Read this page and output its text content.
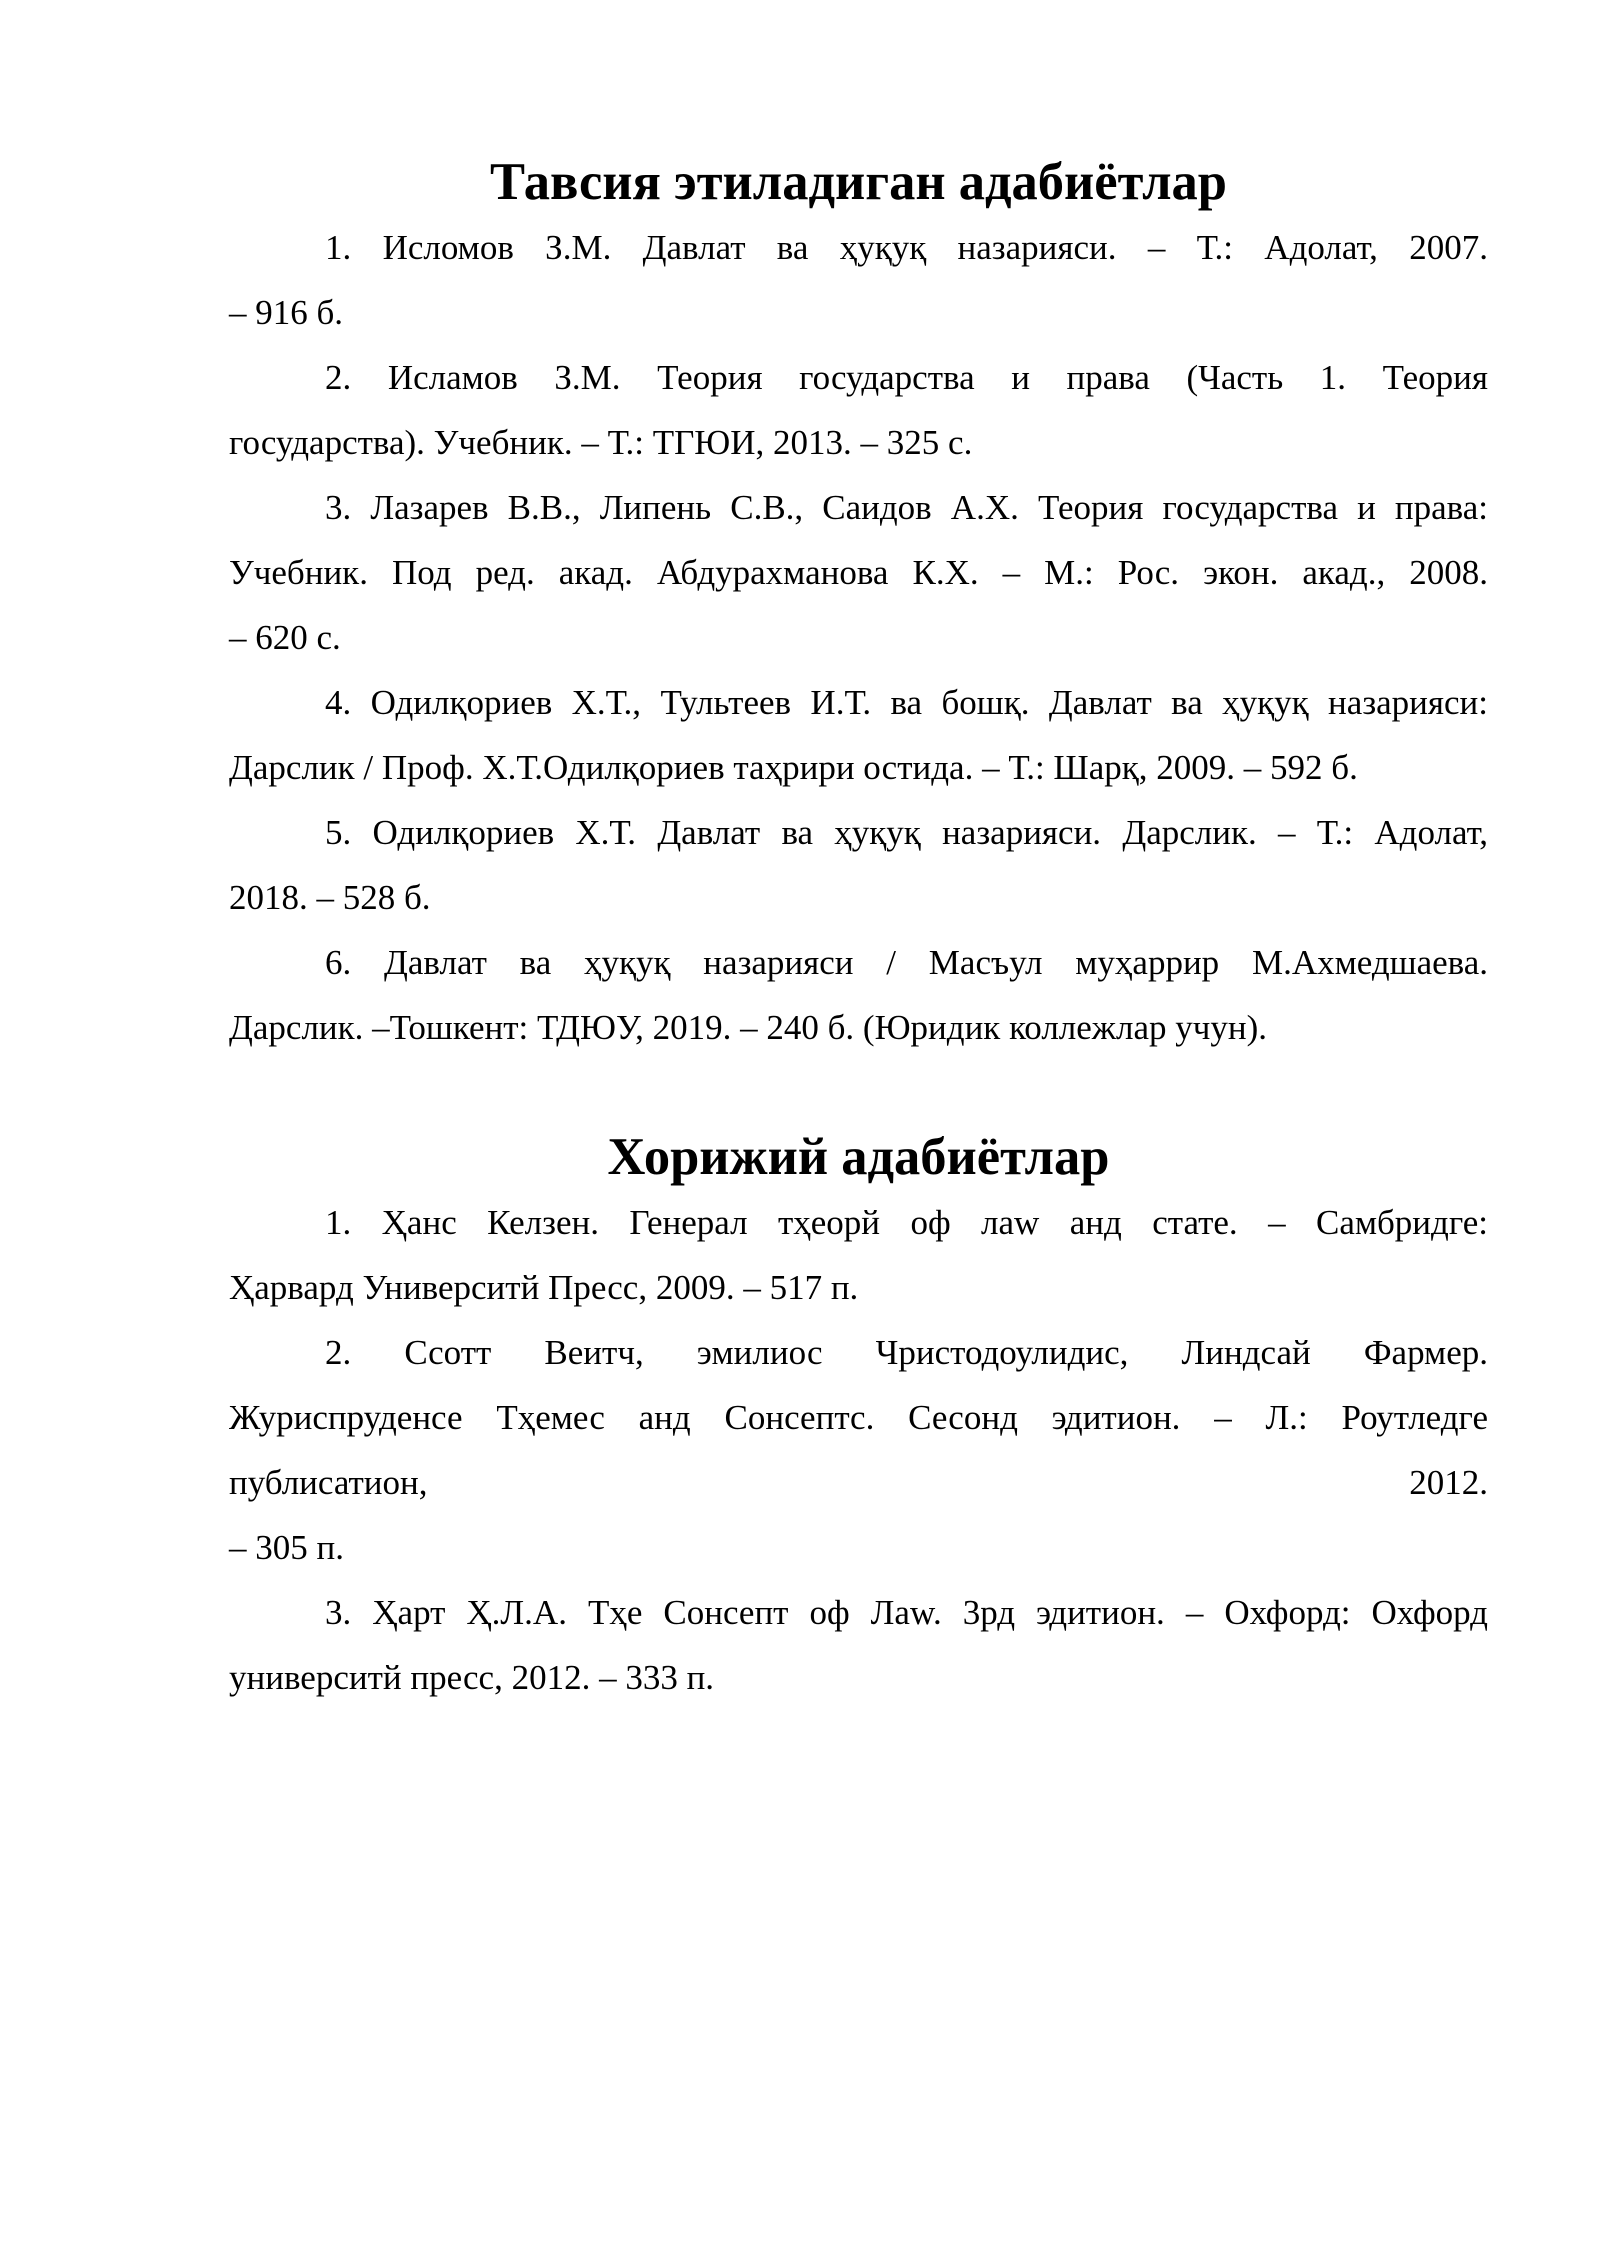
Тавсия этиладиган адабиётлар

1. Исломов З.М. Давлат ва ҳуқуқ назарияси. – Т.: Адолат, 2007.
– 916 б.

2. Исламов З.М. Теория государства и права (Часть 1. Теория
государства). Учебник. – Т.: ТГЮИ, 2013. – 325 с.

3. Лазарев В.В., Липень С.В., Саидов А.Х. Теория государства и права:
Учебник. Под ред. акад. Абдурахманова К.Х. – М.: Рос. экон. акад., 2008.
– 620 с.

4. Одилқориев Х.Т., Тультеев И.Т. ва бошқ. Давлат ва ҳуқуқ назарияси:
Дарслик / Проф. Х.Т.Одилқориев таҳрири остида. – Т.: Шарқ, 2009. – 592 б.

5. Одилқориев Х.Т. Давлат ва ҳуқуқ назарияси. Дарслик. – Т.: Адолат,
2018. – 528 б.

6. Давлат ва ҳуқуқ назарияси / Масъул муҳаррир М.Ахмедшаева.
Дарслик. –Тошкент: ТДЮУ, 2019. – 240 б. (Юридик коллежлар учун).

Хорижий адабиётлар

1. Ҳанс Келзен. Генерал тҳеорй оф лаw анд стате. – Самбридге:
Ҳарвард Университй Пресс, 2009. – 517 п.

2. Ссотт Веитч, эмилиос Чристодоулидис, Линдсай Фармер.
Журиспруденсе Тҳемес анд Сонсептс. Сесонд эдитион. – Л.: Роутледге
публисатион,	2012.
– 305 п.

3. Ҳарт Ҳ.Л.А. Тҳе Сонсепт оф Лаw. 3рд эдитион. – Охфорд: Охфорд
университй пресс, 2012. – 333 п.
